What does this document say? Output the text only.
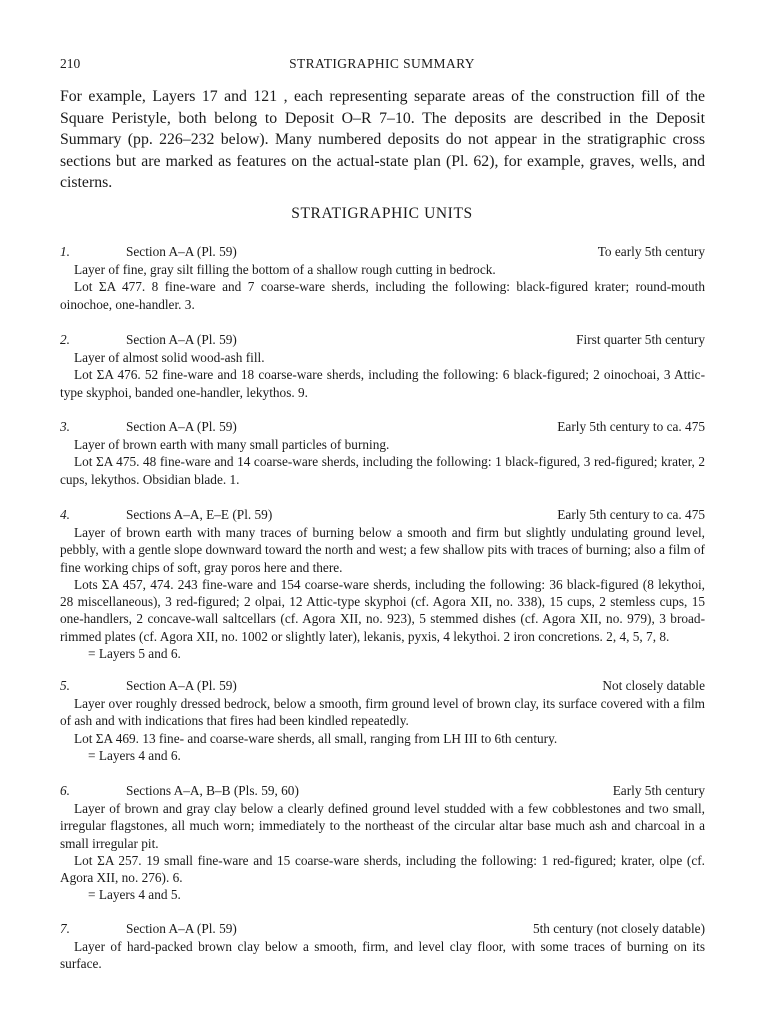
210	STRATIGRAPHIC SUMMARY

For example, Layers 17 and 121 , each representing separate areas of the construction fill of the Square Peristyle, both belong to Deposit O–R 7–10. The deposits are described in the Deposit Summary (pp. 226–232 below). Many numbered deposits do not appear in the stratigraphic cross sections but are marked as features on the actual-state plan (Pl. 62), for example, graves, wells, and cisterns.

STRATIGRAPHIC UNITS
1.	Section A–A (Pl. 59)	To early 5th century

Layer of fine, gray silt filling the bottom of a shallow rough cutting in bedrock.

Lot ΣA 477. 8 fine-ware and 7 coarse-ware sherds, including the following: black-figured krater; round-mouth oinochoe, one-handler. 3.

2.	Section A–A (Pl. 59)	First quarter 5th century

Layer of almost solid wood-ash fill.

Lot ΣA 476. 52 fine-ware and 18 coarse-ware sherds, including the following: 6 black-figured; 2 oinochoai, 3 Attic-type skyphoi, banded one-handler, lekythos. 9.

3.	Section A–A (Pl. 59)	Early 5th century to ca. 475

Layer of brown earth with many small particles of burning.

Lot ΣA 475. 48 fine-ware and 14 coarse-ware sherds, including the following: 1 black-figured, 3 red-figured; krater, 2 cups, lekythos. Obsidian blade. 1.

4.	Sections A–A, E–E (Pl. 59)	Early 5th century to ca. 475

Layer of brown earth with many traces of burning below a smooth and firm but slightly undulating ground level, pebbly, with a gentle slope downward toward the north and west; a few shallow pits with traces of burning; also a film of fine working chips of soft, gray poros here and there.

Lots ΣA 457, 474. 243 fine-ware and 154 coarse-ware sherds, including the following: 36 black-figured (8 lekythoi, 28 miscellaneous), 3 red-figured; 2 olpai, 12 Attic-type skyphoi (cf. Agora XII, no. 338), 15 cups, 2 stemless cups, 15 one-handlers, 2 concave-wall saltcellars (cf. Agora XII, no. 923), 5 stemmed dishes (cf. Agora XII, no. 979), 3 broad-rimmed plates (cf. Agora XII, no. 1002 or slightly later), lekanis, pyxis, 4 lekythoi. 2 iron concretions. 2, 4, 5, 7, 8.

= Layers 5 and 6.

5.	Section A–A (Pl. 59)	Not closely datable

Layer over roughly dressed bedrock, below a smooth, firm ground level of brown clay, its surface covered with a film of ash and with indications that fires had been kindled repeatedly.

Lot ΣA 469. 13 fine- and coarse-ware sherds, all small, ranging from LH III to 6th century.

= Layers 4 and 6.

6.	Sections A–A, B–B (Pls. 59, 60)	Early 5th century

Layer of brown and gray clay below a clearly defined ground level studded with a few cobblestones and two small, irregular flagstones, all much worn; immediately to the northeast of the circular altar base much ash and charcoal in a small irregular pit.

Lot ΣA 257. 19 small fine-ware and 15 coarse-ware sherds, including the following: 1 red-figured; krater, olpe (cf. Agora XII, no. 276). 6.

= Layers 4 and 5.

7.	Section A–A (Pl. 59)	5th century (not closely datable)

Layer of hard-packed brown clay below a smooth, firm, and level clay floor, with some traces of burning on its surface.
